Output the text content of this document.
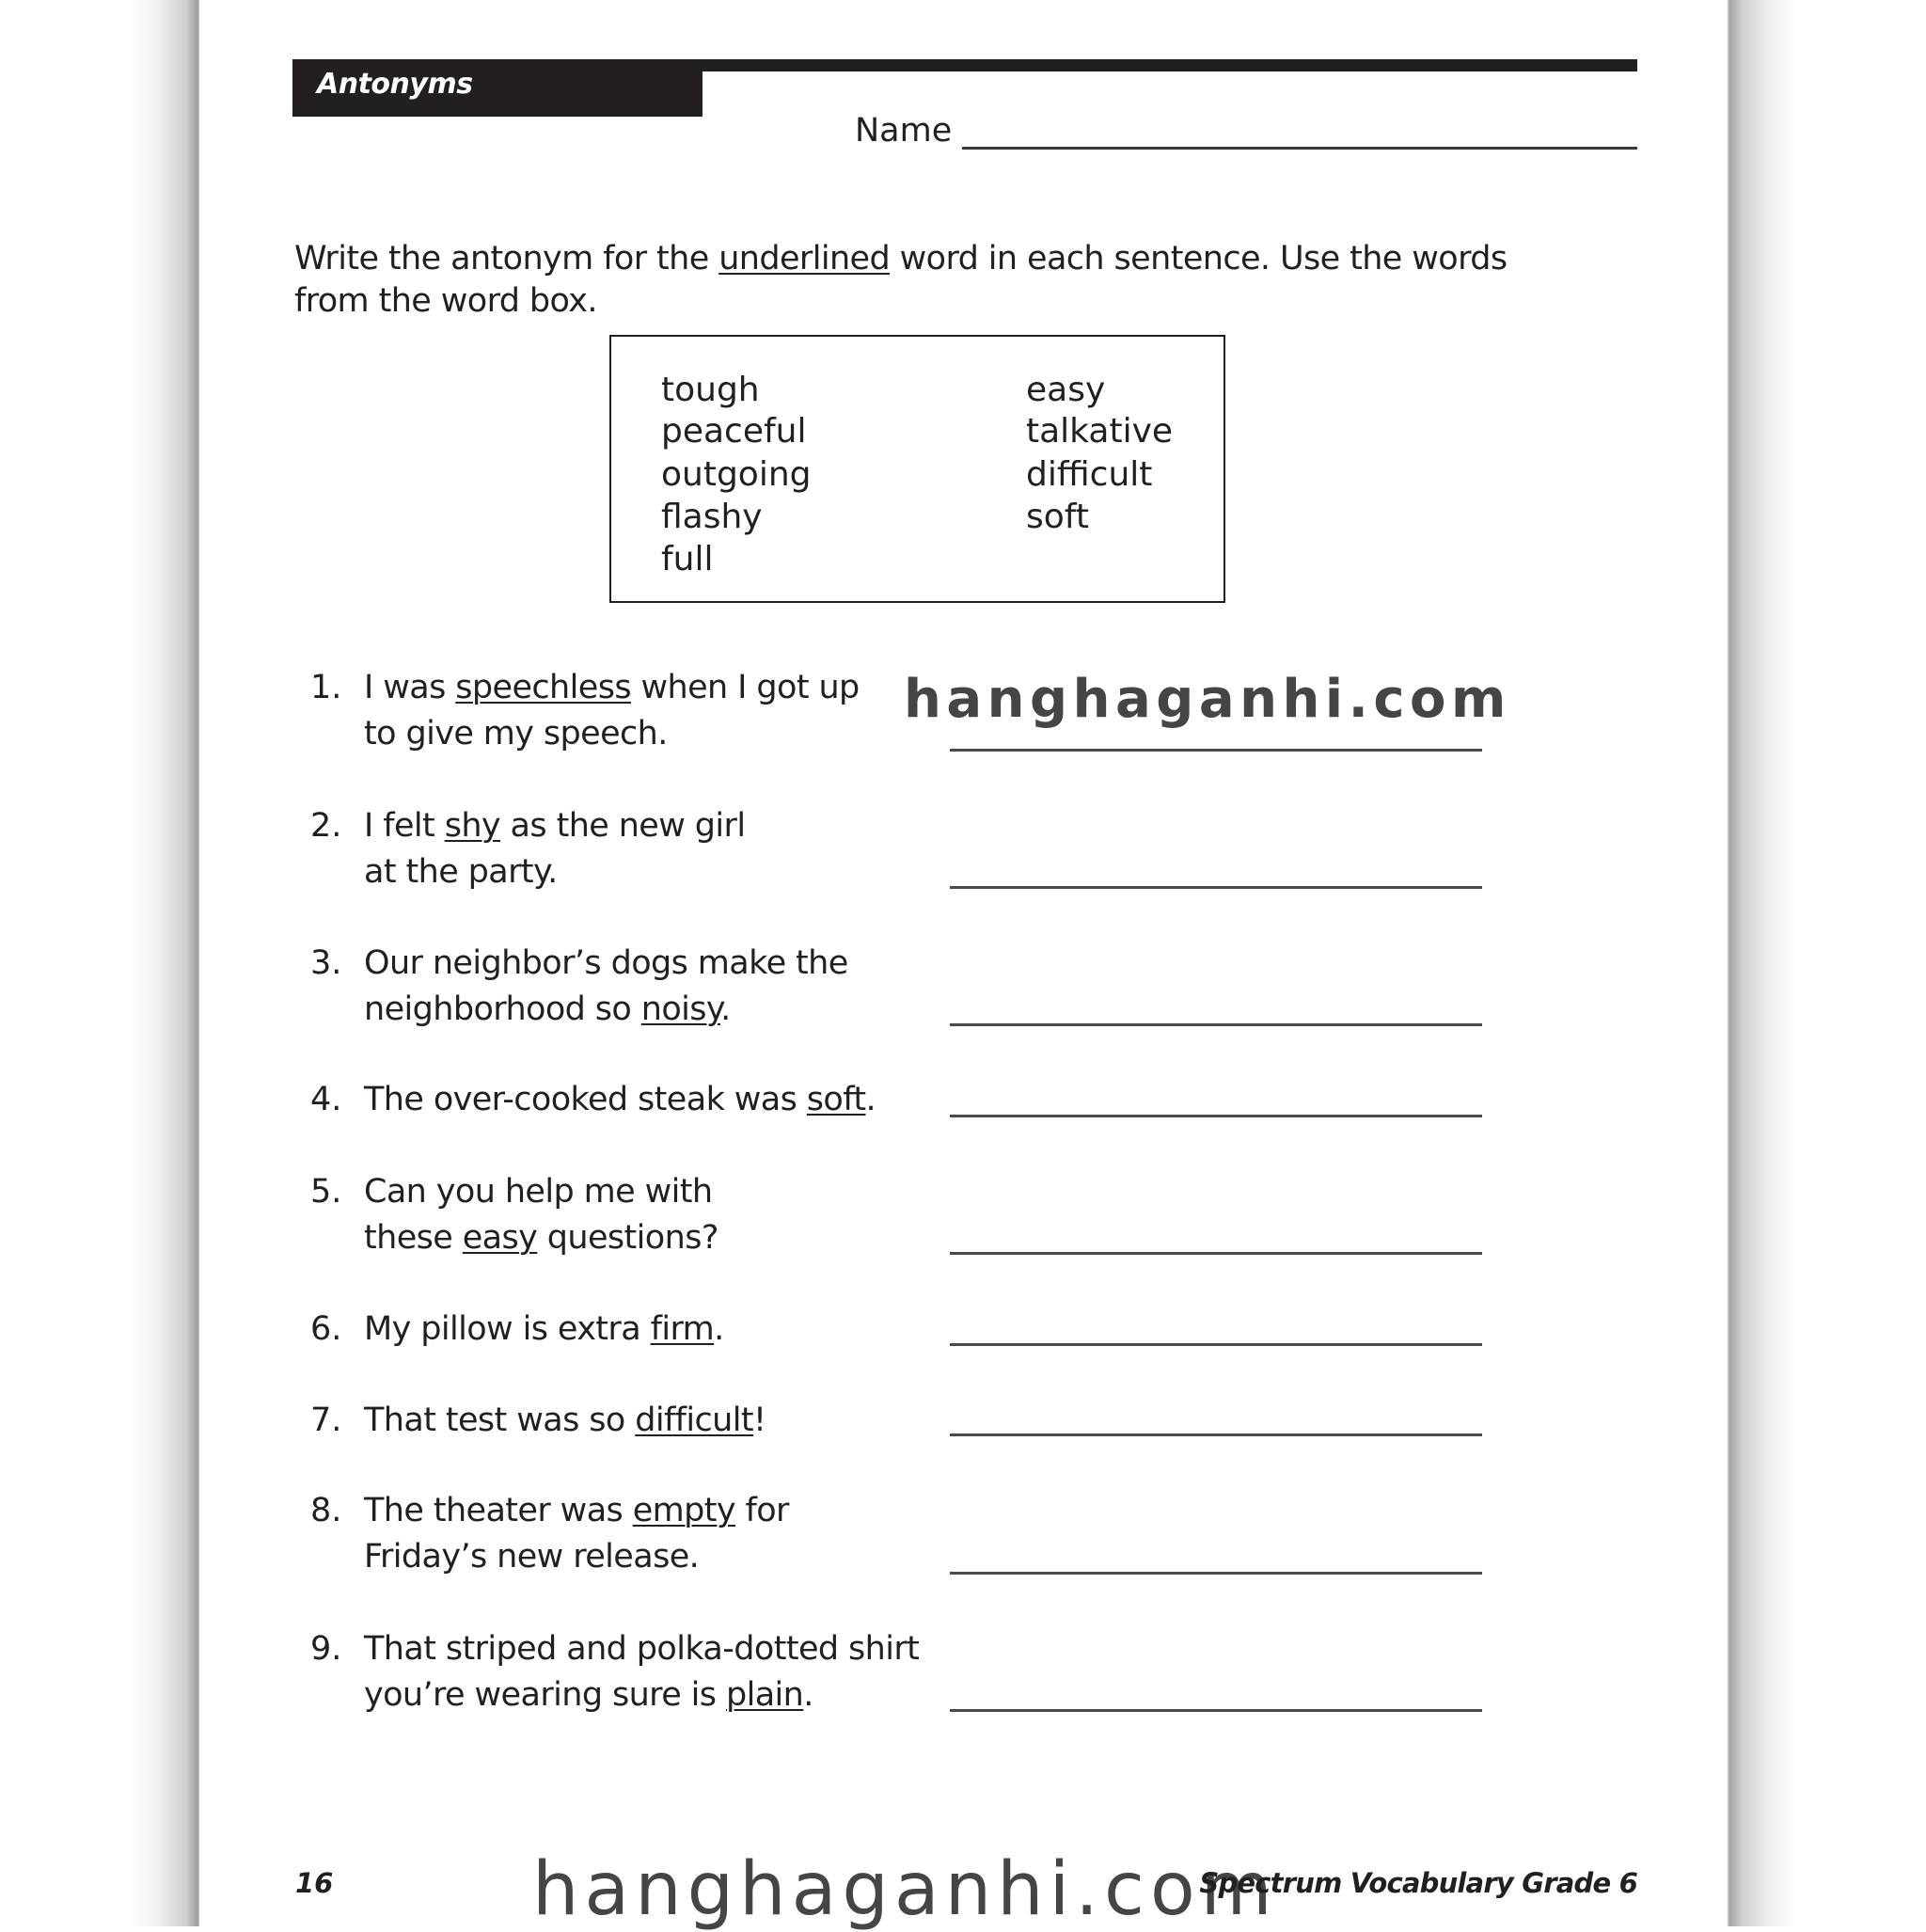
Antonyms
Name
Write the antonym for the underlined word in each sentence. Use the words
from the word box.
tough
peaceful
outgoing
flashy
full
easy
talkative
difficult
soft
1. I was speechless when I got up
to give my speech.
2. I felt shy as the new girl
at the party.
3. Our neighbor’s dogs make the
neighborhood so noisy.
4. The over-cooked steak was soft.
5. Can you help me with
these easy questions?
6. My pillow is extra firm.
7. That test was so difficult!
8. The theater was empty for
Friday’s new release.
9. That striped and polka-dotted shirt
you’re wearing sure is plain.
hanghaganhi.com
16	hanghaganhi.com
Spectrum Vocabulary Grade 6
